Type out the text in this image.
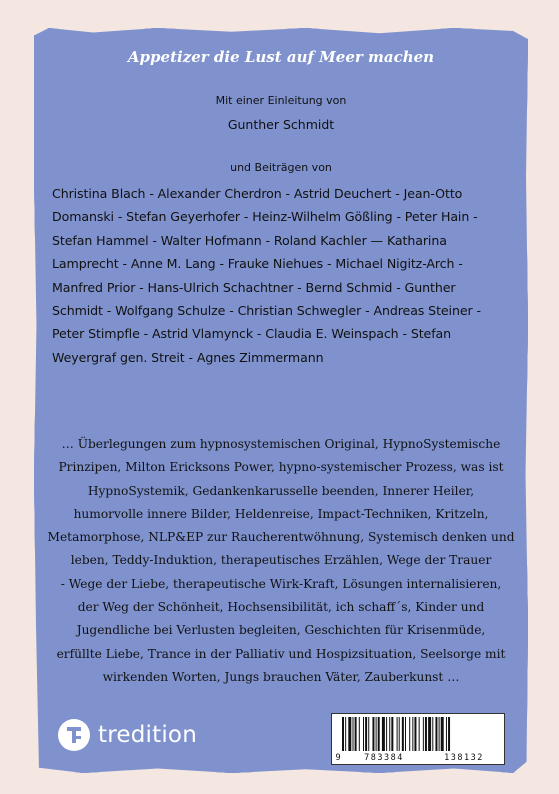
Appetizer die Lust auf Meer machen
Mit einer Einleitung von
Gunther Schmidt
und Beiträgen von
Christina Blach - Alexander Cherdron - Astrid Deuchert - Jean-Otto
Domanski - Stefan Geyerhofer - Heinz-Wilhelm Gößling - Peter Hain -
Stefan Hammel - Walter Hofmann - Roland Kachler — Katharina
Lamprecht - Anne M. Lang - Frauke Niehues - Michael Nigitz-Arch -
Manfred Prior - Hans-Ulrich Schachtner - Bernd Schmid - Gunther
Schmidt - Wolfgang Schulze - Christian Schwegler - Andreas Steiner -
Peter Stimpfle - Astrid Vlamynck - Claudia E. Weinspach - Stefan
Weyergraf gen. Streit - Agnes Zimmermann
… Überlegungen zum hypnosystemischen Original, HypnoSystemische
Prinzipen, Milton Ericksons Power, hypno-systemischer Prozess, was ist
HypnoSystemik, Gedankenkarusselle beenden, Innerer Heiler,
humorvolle innere Bilder, Heldenreise, Impact-Techniken, Kritzeln,
Metamorphose, NLP&EP zur Raucherentwöhnung, Systemisch denken und
leben, Teddy-Induktion, therapeutisches Erzählen, Wege der Trauer
- Wege der Liebe, therapeutische Wirk-Kraft, Lösungen internalisieren,
der Weg der Schönheit, Hochsensibilität, ich schaff´s, Kinder und
Jugendliche bei Verlusten begleiten, Geschichten für Krisenmüde,
erfüllte Liebe, Trance in der Palliativ und Hospizsituation, Seelsorge mit
wirkenden Worten, Jungs brauchen Väter, Zauberkunst …
tredition
9	783384	138132
